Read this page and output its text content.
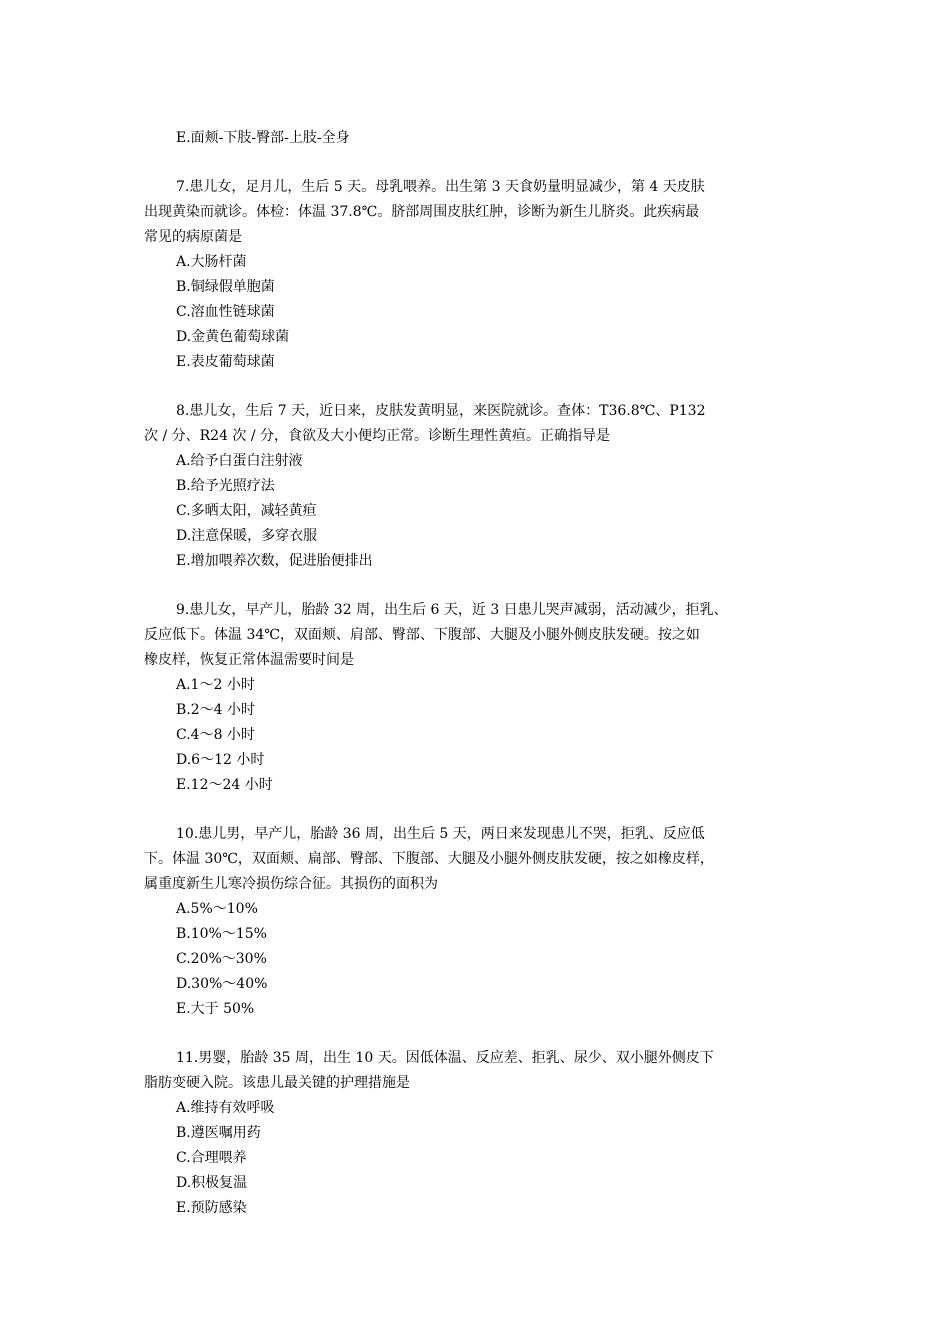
E.面颊-下肢-臀部-上肢-全身
7.患儿女，足月儿，生后 5 天。母乳喂养。出生第 3 天食奶量明显减少，第 4 天皮肤
出现黄染而就诊。体检：体温 37.8℃。脐部周围皮肤红肿，诊断为新生儿脐炎。此疾病最
常见的病原菌是
A.大肠杆菌
B.铜绿假单胞菌
C.溶血性链球菌
D.金黄色葡萄球菌
E.表皮葡萄球菌
8.患儿女，生后 7 天，近日来，皮肤发黄明显，来医院就诊。查体：T36.8℃、P132
次 / 分、R24 次 / 分，食欲及大小便均正常。诊断生理性黄疸。正确指导是
A.给予白蛋白注射液
B.给予光照疗法
C.多晒太阳，减轻黄疸
D.注意保暖，多穿衣服
E.增加喂养次数，促进胎便排出
9.患儿女，早产儿，胎龄 32 周，出生后 6 天，近 3 日患儿哭声减弱，活动减少，拒乳、
反应低下。体温 34℃，双面颊、肩部、臀部、下腹部、大腿及小腿外侧皮肤发硬。按之如
橡皮样，恢复正常体温需要时间是
A.1～2 小时
B.2～4 小时
C.4～8 小时
D.6～12 小时
E.12～24 小时
10.患儿男，早产儿，胎龄 36 周，出生后 5 天，两日来发现患儿不哭，拒乳、反应低
下。体温 30℃，双面颊、扁部、臀部、下腹部、大腿及小腿外侧皮肤发硬，按之如橡皮样，
属重度新生儿寒冷损伤综合征。其损伤的面积为
A.5%～10%
B.10%～15%
C.20%～30%
D.30%～40%
E.大于 50%
11.男婴，胎龄 35 周，出生 10 天。因低体温、反应差、拒乳、尿少、双小腿外侧皮下
脂肪变硬入院。该患儿最关键的护理措施是
A.维持有效呼吸
B.遵医嘱用药
C.合理喂养
D.积极复温
E.预防感染
